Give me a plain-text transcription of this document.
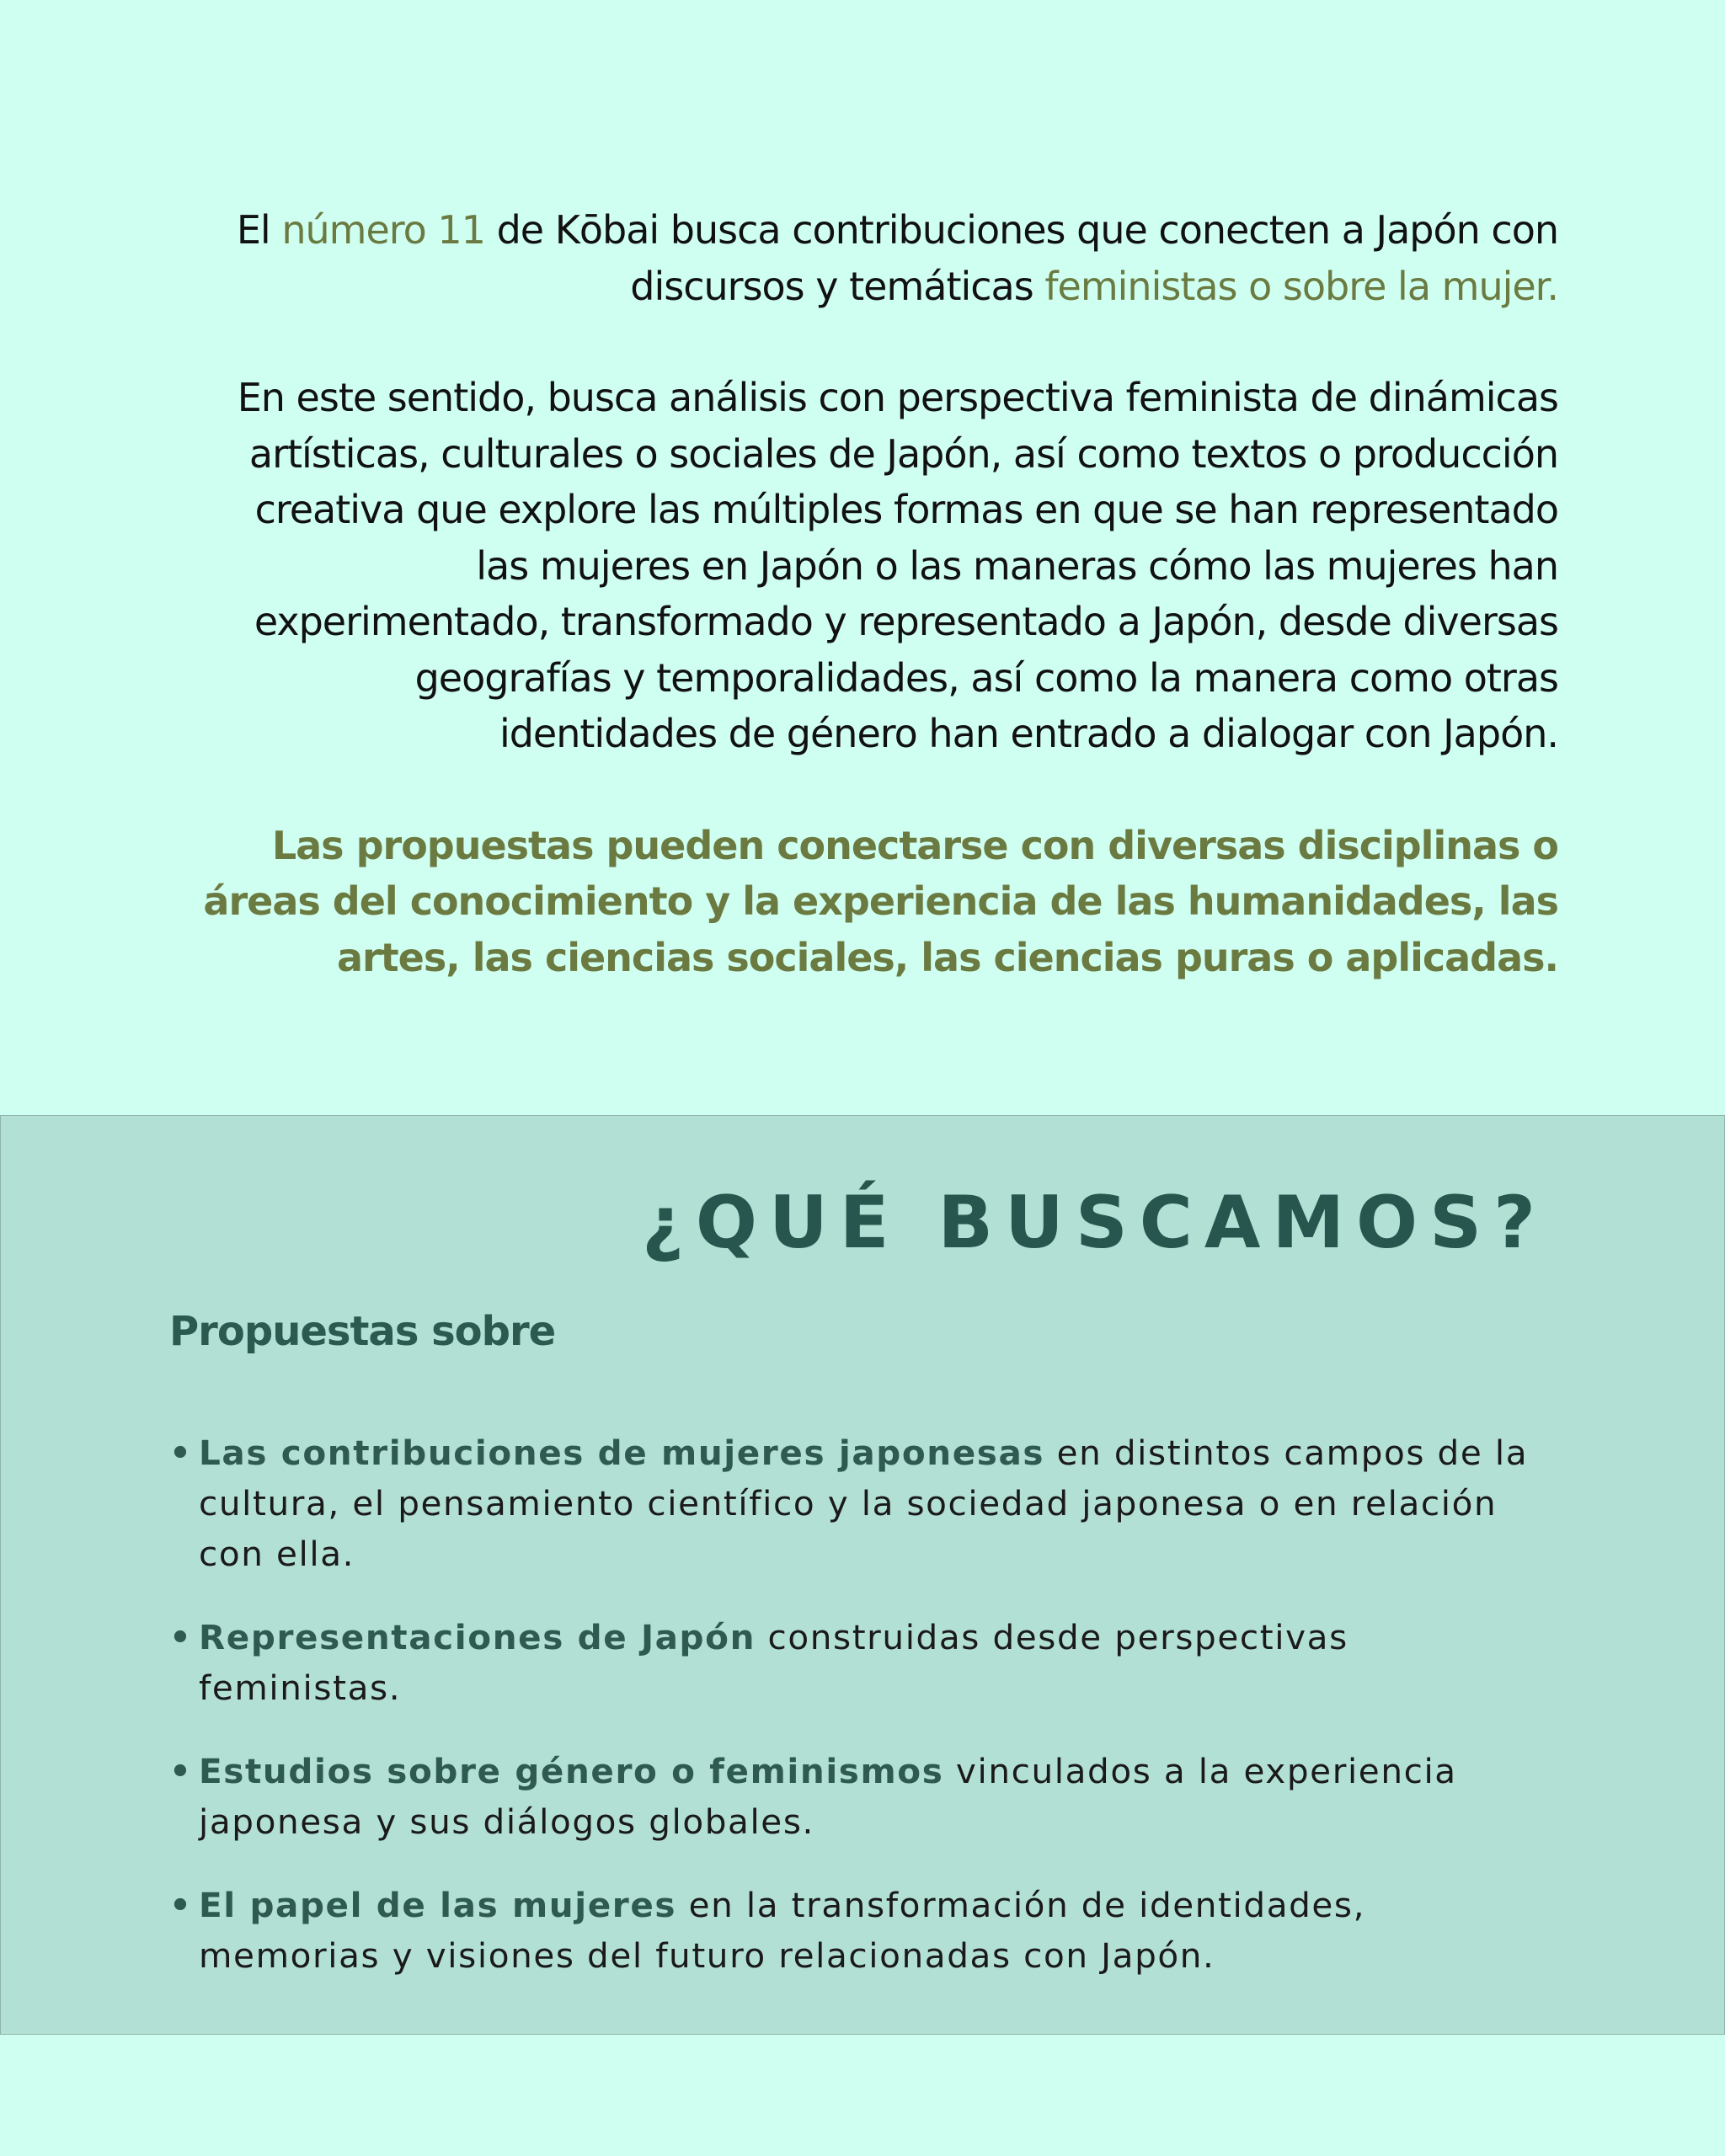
El número 11 de Kōbai busca contribuciones que conecten a Japón con discursos y temáticas feministas o sobre la mujer.

En este sentido, busca análisis con perspectiva feminista de dinámicas artísticas, culturales o sociales de Japón, así como textos o producción creativa que explore las múltiples formas en que se han representado las mujeres en Japón o las maneras cómo las mujeres han experimentado, transformado y representado a Japón, desde diversas geografías y temporalidades, así como la manera como otras identidades de género han entrado a dialogar con Japón.

Las propuestas pueden conectarse con diversas disciplinas o áreas del conocimiento y la experiencia de las humanidades, las artes, las ciencias sociales, las ciencias puras o aplicadas.

¿QUÉ BUSCAMOS?

Propuestas sobre

• Las contribuciones de mujeres japonesas en distintos campos de la cultura, el pensamiento científico y la sociedad japonesa o en relación con ella.
• Representaciones de Japón construidas desde perspectivas feministas.
• Estudios sobre género o feminismos vinculados a la experiencia japonesa y sus diálogos globales.
• El papel de las mujeres en la transformación de identidades, memorias y visiones del futuro relacionadas con Japón.
